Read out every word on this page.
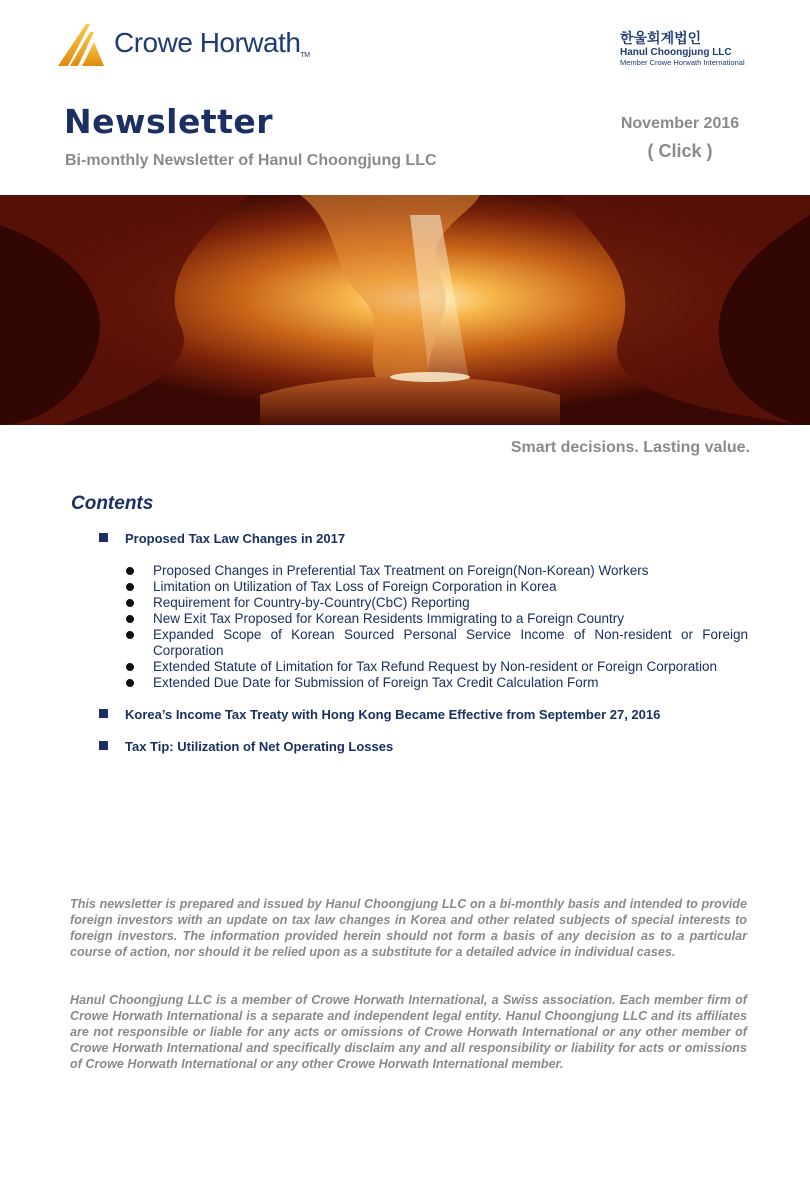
Crowe HorwathTM
한울회계법인
Hanul Choongjung LLC
Member Crowe Horwath International
Newsletter
Bi-monthly Newsletter of Hanul Choongjung LLC
November 2016
( Click )
Smart decisions. Lasting value.
Contents
Proposed Tax Law Changes in 2017
Proposed Changes in Preferential Tax Treatment on Foreign(Non-Korean) Workers
Limitation on Utilization of Tax Loss of Foreign Corporation in Korea
Requirement for Country-by-Country(CbC) Reporting
New Exit Tax Proposed for Korean Residents Immigrating to a Foreign Country
Expanded Scope of Korean Sourced Personal Service Income of Non-resident or Foreign Corporation
Extended Statute of Limitation for Tax Refund Request by Non-resident or Foreign Corporation
Extended Due Date for Submission of Foreign Tax Credit Calculation Form
Korea’s Income Tax Treaty with Hong Kong Became Effective from September 27, 2016
Tax Tip: Utilization of Net Operating Losses

This newsletter is prepared and issued by Hanul Choongjung LLC on a bi-monthly basis and intended to provide foreign investors with an update on tax law changes in Korea and other related subjects of special interests to foreign investors. The information provided herein should not form a basis of any decision as to a particular course of action, nor should it be relied upon as a substitute for a detailed advice in individual cases.

Hanul Choongjung LLC is a member of Crowe Horwath International, a Swiss association. Each member firm of Crowe Horwath International is a separate and independent legal entity. Hanul Choongjung LLC and its affiliates are not responsible or liable for any acts or omissions of Crowe Horwath International or any other member of Crowe Horwath International and specifically disclaim any and all responsibility or liability for acts or omissions of Crowe Horwath International or any other Crowe Horwath International member.
